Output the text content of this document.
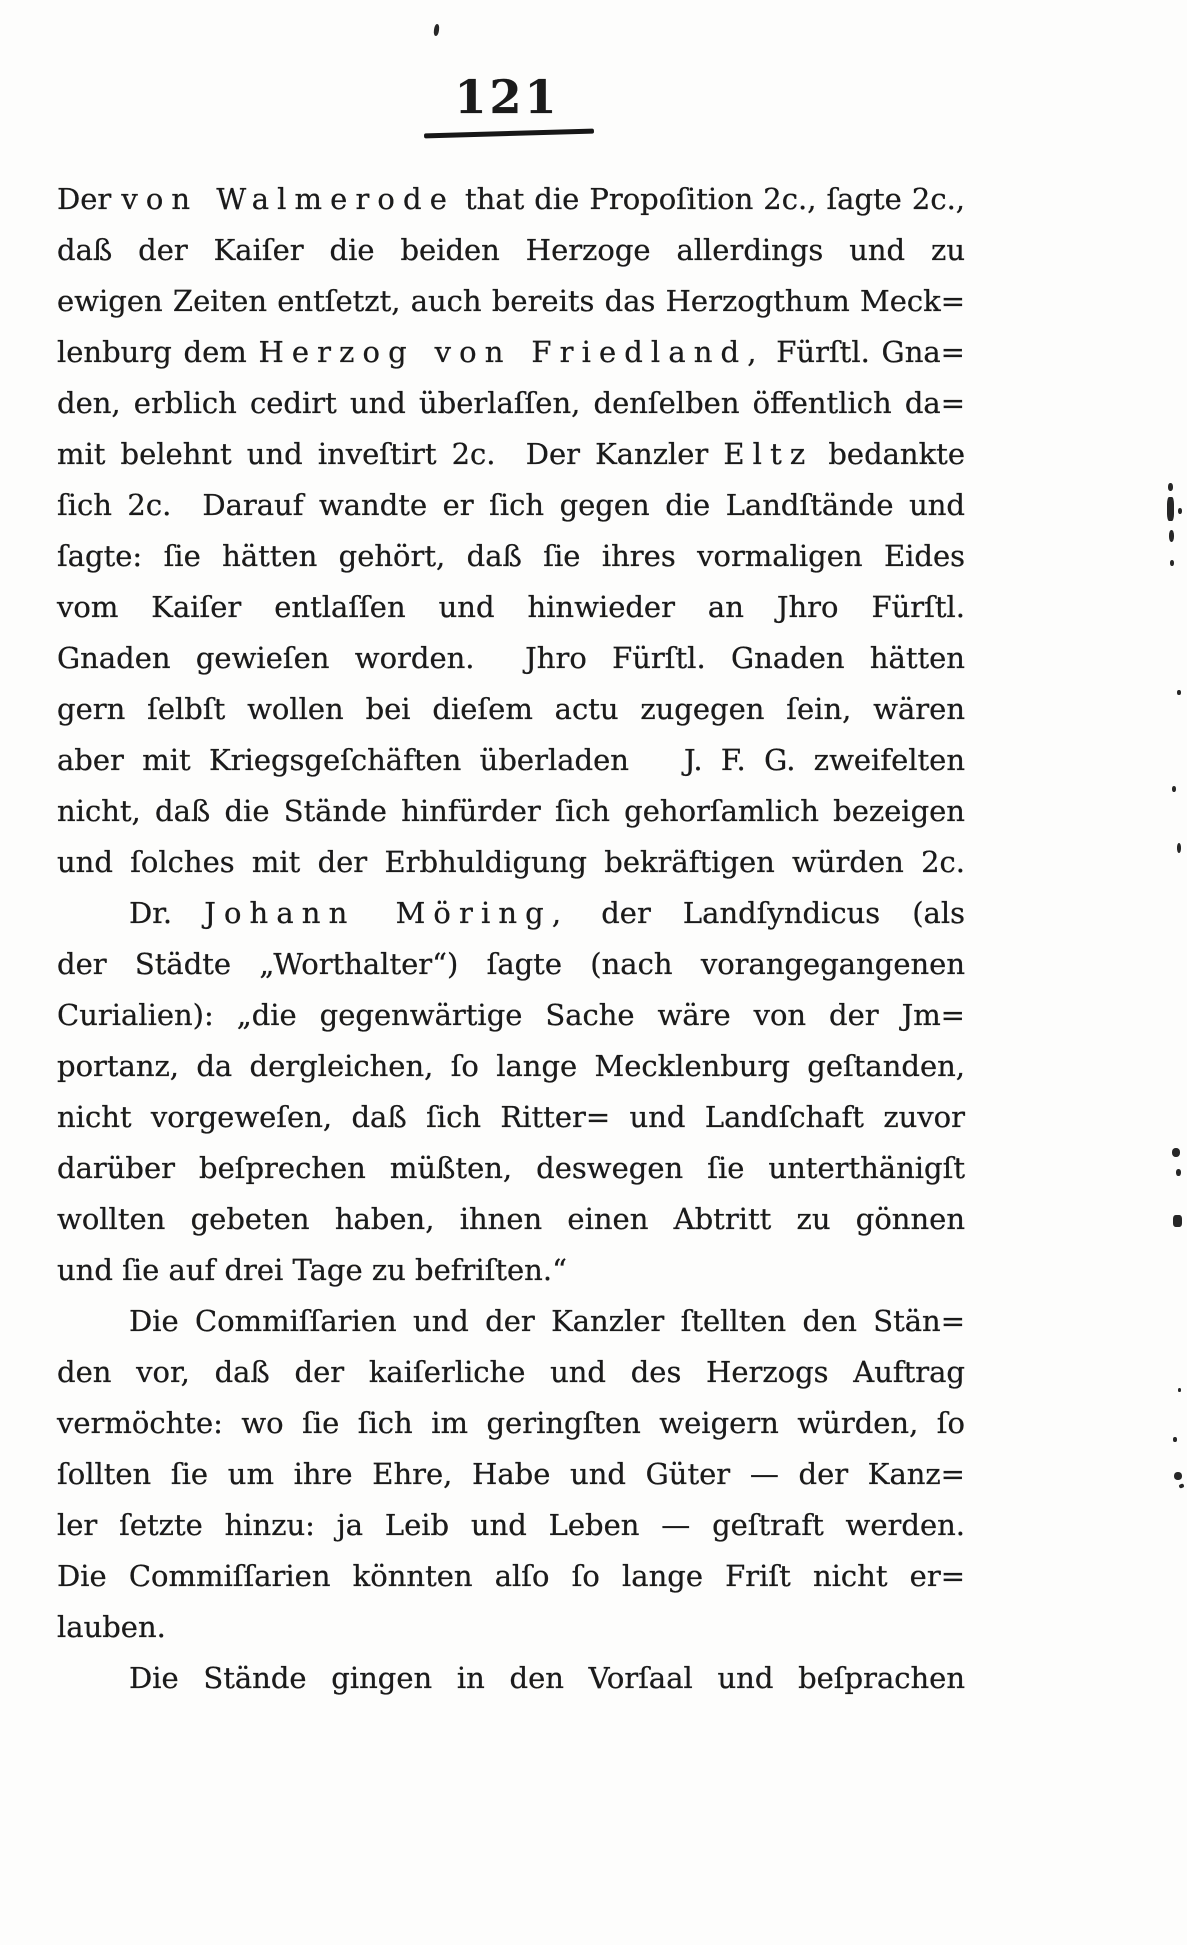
121
Der von Walmerode that die Propoſition 2c., ſagte 2c.,
daß der Kaiſer die beiden Herzoge allerdings und zu
ewigen Zeiten entſetzt, auch bereits das Herzogthum Meck=
lenburg dem Herzog von Friedland, Fürſtl. Gna=
den, erblich cedirt und überlaſſen, denſelben öffentlich da=
mit belehnt und inveſtirt 2c.  Der Kanzler Eltz bedankte
ſich 2c.  Darauf wandte er ſich gegen die Landſtände und
ſagte: ſie hätten gehört, daß ſie ihres vormaligen Eides
vom Kaiſer entlaſſen und hinwieder an Jhro Fürſtl.
Gnaden gewieſen worden.  Jhro Fürſtl. Gnaden hätten
gern ſelbſt wollen bei dieſem actu zugegen ſein, wären
aber mit Kriegsgeſchäften überladen   J. F. G. zweifelten
nicht, daß die Stände hinfürder ſich gehorſamlich bezeigen
und ſolches mit der Erbhuldigung bekräftigen würden 2c.
Dr. Johann Möring, der Landſyndicus (als
der Städte „Worthalter“) ſagte (nach vorangegangenen
Curialien): „die gegenwärtige Sache wäre von der Jm=
portanz, da dergleichen, ſo lange Mecklenburg geſtanden,
nicht vorgeweſen, daß ſich Ritter= und Landſchaft zuvor
darüber beſprechen müßten, deswegen ſie unterthänigſt
wollten gebeten haben, ihnen einen Abtritt zu gönnen
und ſie auf drei Tage zu befriſten.“
Die Commiſſarien und der Kanzler ſtellten den Stän=
den vor, daß der kaiſerliche und des Herzogs Auftrag
vermöchte: wo ſie ſich im geringſten weigern würden, ſo
ſollten ſie um ihre Ehre, Habe und Güter — der Kanz=
ler ſetzte hinzu: ja Leib und Leben — geſtraft werden.
Die Commiſſarien könnten alſo ſo lange Friſt nicht er=
lauben.
Die Stände gingen in den Vorſaal und beſprachen
